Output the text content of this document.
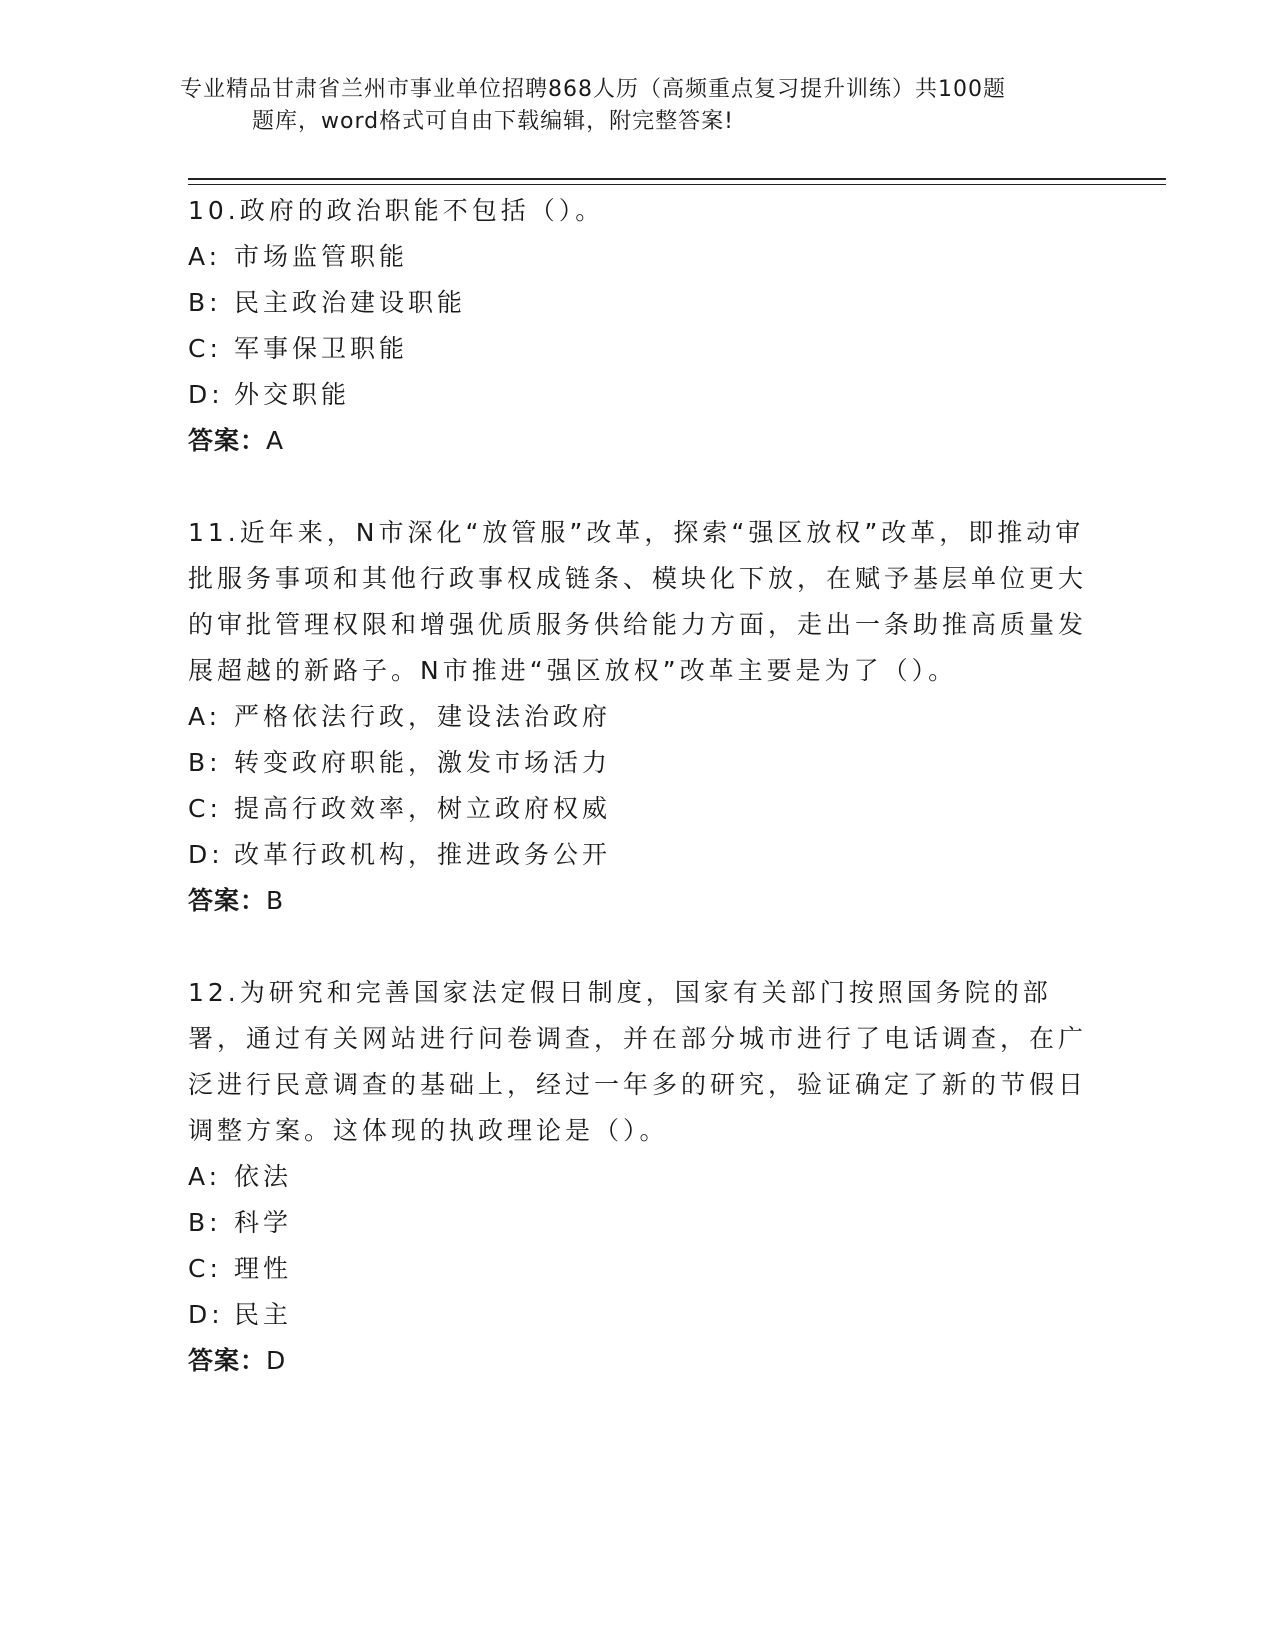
专业精品甘肃省兰州市事业单位招聘868人历（高频重点复习提升训练）共100题
题库，word格式可自由下载编辑，附完整答案!

10.政府的政治职能不包括（）。

A: 市场监管职能

B: 民主政治建设职能

C: 军事保卫职能

D: 外交职能

答案：A

11.近年来，N市深化“放管服”改革，探索“强区放权”改革，即推动审批服务事项和其他行政事权成链条、模块化下放，在赋予基层单位更大的审批管理权限和增强优质服务供给能力方面，走出一条助推高质量发展超越的新路子。N市推进“强区放权”改革主要是为了（）。

A: 严格依法行政，建设法治政府

B: 转变政府职能，激发市场活力

C: 提高行政效率，树立政府权威

D: 改革行政机构，推进政务公开

答案：B

12.为研究和完善国家法定假日制度，国家有关部门按照国务院的部署，通过有关网站进行问卷调查，并在部分城市进行了电话调查，在广泛进行民意调查的基础上，经过一年多的研究，验证确定了新的节假日调整方案。这体现的执政理论是（）。

A: 依法

B: 科学

C: 理性

D: 民主

答案：D
